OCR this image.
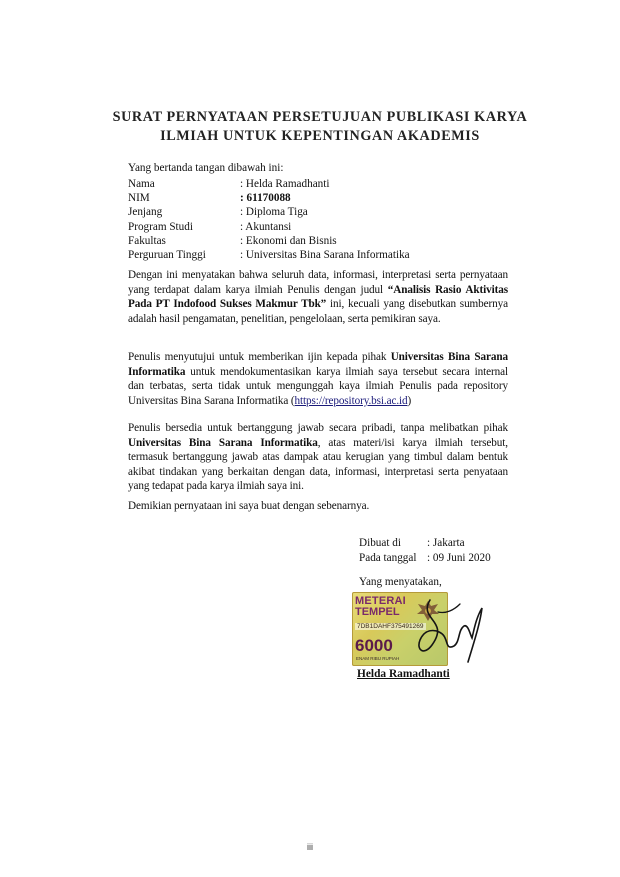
SURAT PERNYATAAN PERSETUJUAN PUBLIKASI KARYA
ILMIAH UNTUK KEPENTINGAN AKADEMIS
Yang bertanda tangan dibawah ini:
Nama	: Helda Ramadhanti
NIM	: 61170088
Jenjang	: Diploma Tiga
Program Studi	: Akuntansi
Fakultas	: Ekonomi dan Bisnis
Perguruan Tinggi	: Universitas Bina Sarana Informatika
Dengan ini menyatakan bahwa seluruh data, informasi, interpretasi serta pernyataan yang terdapat dalam karya ilmiah Penulis dengan judul “Analisis Rasio Aktivitas Pada PT Indofood Sukses Makmur Tbk” ini, kecuali yang disebutkan sumbernya adalah hasil pengamatan, penelitian, pengelolaan, serta pemikiran saya.
Penulis menyutujui untuk memberikan ijin kepada pihak Universitas Bina Sarana Informatika untuk mendokumentasikan karya ilmiah saya tersebut secara internal dan terbatas, serta tidak untuk mengunggah kaya ilmiah Penulis pada repository Universitas Bina Sarana Informatika (https://repository.bsi.ac.id)
Penulis bersedia untuk bertanggung jawab secara pribadi, tanpa melibatkan pihak Universitas Bina Sarana Informatika, atas materi/isi karya ilmiah tersebut, termasuk bertanggung jawab atas dampak atau kerugian yang timbul dalam bentuk akibat tindakan yang berkaitan dengan data, informasi, interpretasi serta penyataan yang tedapat pada karya ilmiah saya ini.
Demikian pernyataan ini saya buat dengan sebenarnya.
Dibuat di	: Jakarta
Pada tanggal : 09 Juni 2020
Yang menyatakan,
METERAI
TEMPEL
7DB1DAHF375491269
6000
ENAM RIBU RUPIAH
Helda Ramadhanti
iii
